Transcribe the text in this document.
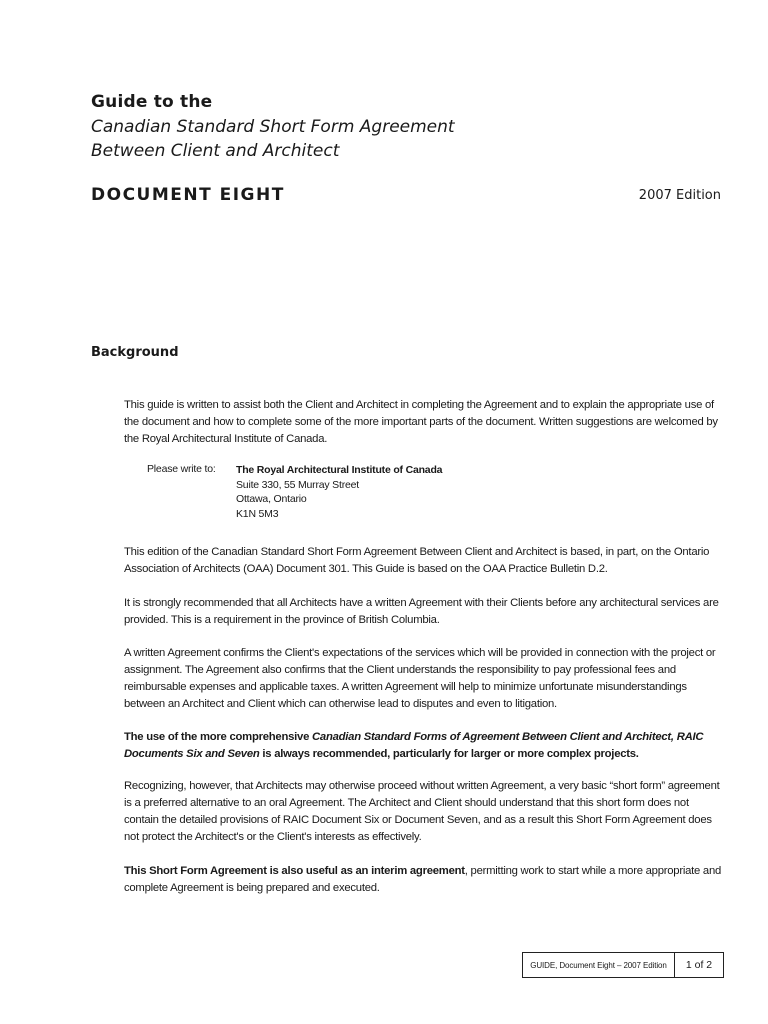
Guide to the
Canadian Standard Short Form Agreement
Between Client and Architect
DOCUMENT EIGHT	2007 Edition
Background
This guide is written to assist both the Client and Architect in completing the Agreement and to explain the appropriate use of the document and how to complete some of the more important parts of the document. Written suggestions are welcomed by the Royal Architectural Institute of Canada.
Please write to: The Royal Architectural Institute of Canada
Suite 330, 55 Murray Street
Ottawa, Ontario
K1N 5M3
This edition of the Canadian Standard Short Form Agreement Between Client and Architect is based, in part, on the Ontario Association of Architects (OAA) Document 301. This Guide is based on the OAA Practice Bulletin D.2.
It is strongly recommended that all Architects have a written Agreement with their Clients before any architectural services are provided. This is a requirement in the province of British Columbia.
A written Agreement confirms the Client's expectations of the services which will be provided in connection with the project or assignment. The Agreement also confirms that the Client understands the responsibility to pay professional fees and reimbursable expenses and applicable taxes. A written Agreement will help to minimize unfortunate misunderstandings between an Architect and Client which can otherwise lead to disputes and even to litigation.
The use of the more comprehensive Canadian Standard Forms of Agreement Between Client and Architect, RAIC Documents Six and Seven is always recommended, particularly for larger or more complex projects.
Recognizing, however, that Architects may otherwise proceed without written Agreement, a very basic “short form” agreement is a preferred alternative to an oral Agreement. The Architect and Client should understand that this short form does not contain the detailed provisions of RAIC Document Six or Document Seven, and as a result this Short Form Agreement does not protect the Architect's or the Client's interests as effectively.
This Short Form Agreement is also useful as an interim agreement, permitting work to start while a more appropriate and complete Agreement is being prepared and executed.
GUIDE, Document Eight – 2007 Edition	1 of 2
